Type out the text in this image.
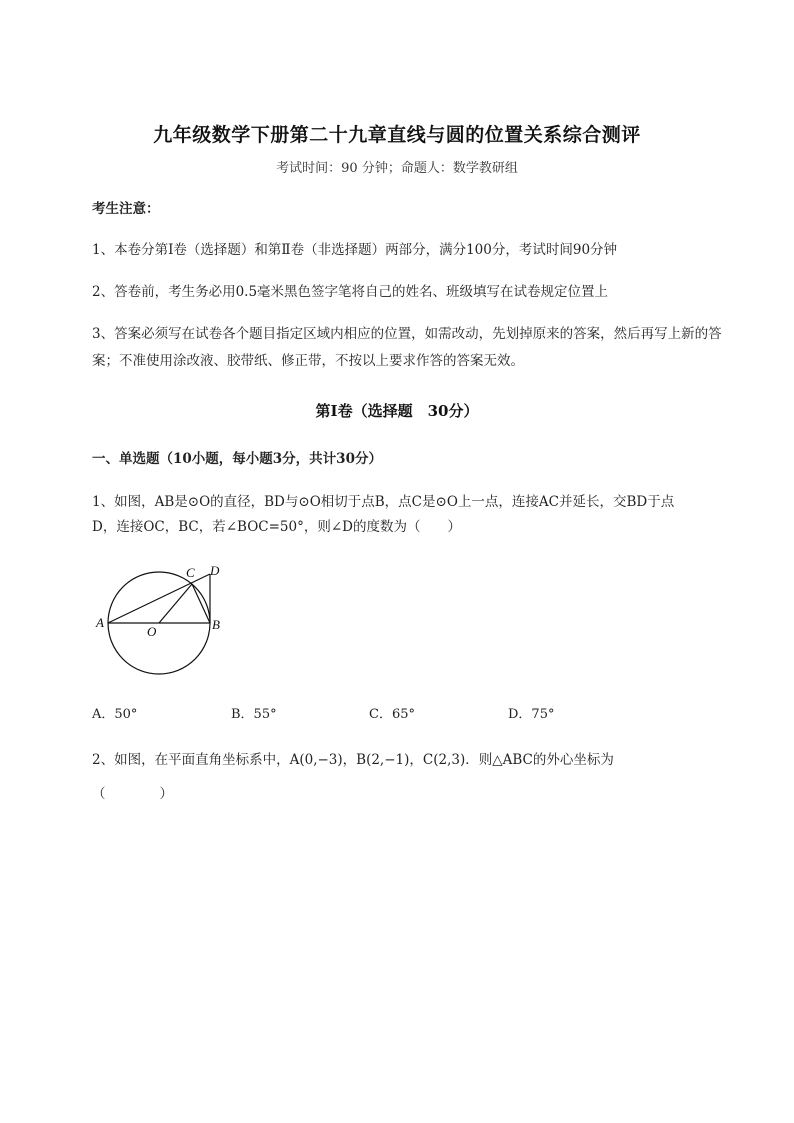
九年级数学下册第二十九章直线与圆的位置关系综合测评
考试时间：90 分钟；命题人：数学教研组
考生注意：
1、本卷分第I卷（选择题）和第Ⅱ卷（非选择题）两部分，满分100分，考试时间90分钟
2、答卷前，考生务必用0.5毫米黑色签字笔将自己的姓名、班级填写在试卷规定位置上
3、答案必须写在试卷各个题目指定区域内相应的位置，如需改动，先划掉原来的答案，然后再写上新的答案；不准使用涂改液、胶带纸、修正带，不按以上要求作答的答案无效。
第I卷（选择题　30分）
一、单选题（10小题，每小题3分，共计30分）
1、如图，AB是⊙O的直径，BD与⊙O相切于点B，点C是⊙O上一点，连接AC并延长，交BD于点
D，连接OC，BC，若∠BOC=50°，则∠D的度数为（　　）
A	B
C D
O
A．50°	B．55°	C．65°	D．75°
2、如图，在平面直角坐标系中，A(0,−3)，B(2,−1)，C(2,3)．则△ABC的外心坐标为
（　　　　）
